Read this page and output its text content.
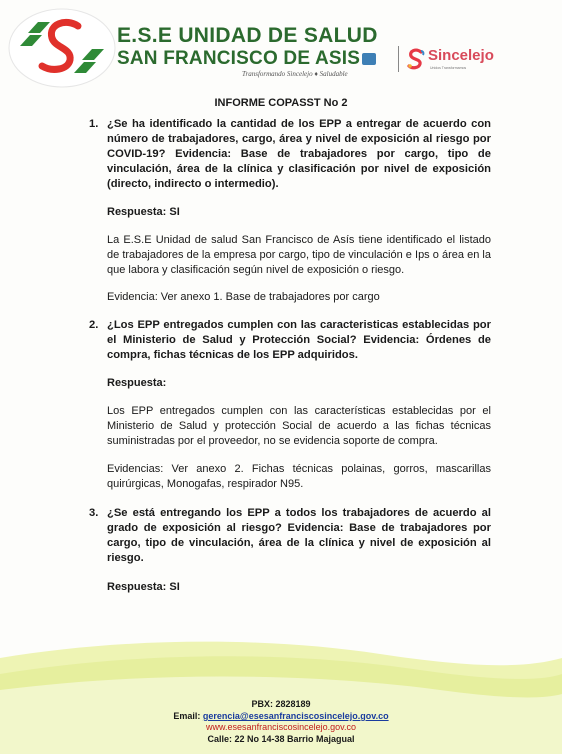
E.S.E UNIDAD DE SALUD
SAN FRANCISCO DE ASIS
Transformando Sincelejo ♦ Saludable
Sincelejo
Unidos Transformamos
INFORME COPASST No 2
1. ¿Se ha identificado la cantidad de los EPP a entregar de acuerdo con número de trabajadores, cargo, área y nivel de exposición al riesgo por COVID-19? Evidencia: Base de trabajadores por cargo, tipo de vinculación, área de la clínica y clasificación por nivel de exposición (directo, indirecto o intermedio).
Respuesta: SI
La E.S.E Unidad de salud San Francisco de Asís tiene identificado el listado de trabajadores de la empresa por cargo, tipo de vinculación e Ips o área en la que labora y clasificación según nivel de exposición o riesgo.
Evidencia: Ver anexo 1. Base de trabajadores por cargo
2. ¿Los EPP entregados cumplen con las caracteristicas establecidas por el Ministerio de Salud y Protección Social? Evidencia: Órdenes de compra, fichas técnicas de los EPP adquiridos.
Respuesta:
Los EPP entregados cumplen con las características establecidas por el Ministerio de Salud y protección Social de acuerdo a las fichas técnicas suministradas por el proveedor, no se evidencia soporte de compra.
Evidencias: Ver anexo 2. Fichas técnicas polainas, gorros, mascarillas quirúrgicas, Monogafas, respirador N95.
3. ¿Se está entregando los EPP a todos los trabajadores de acuerdo al grado de exposición al riesgo? Evidencia: Base de trabajadores por cargo, tipo de vinculación, área de la clínica y nivel de exposición al riesgo.
Respuesta: SI
PBX: 2828189
Email: gerencia@esesanfranciscosincelejo.gov.co
www.esesanfranciscosincelejo.gov.co
Calle: 22 No 14-38 Barrio Majagual
